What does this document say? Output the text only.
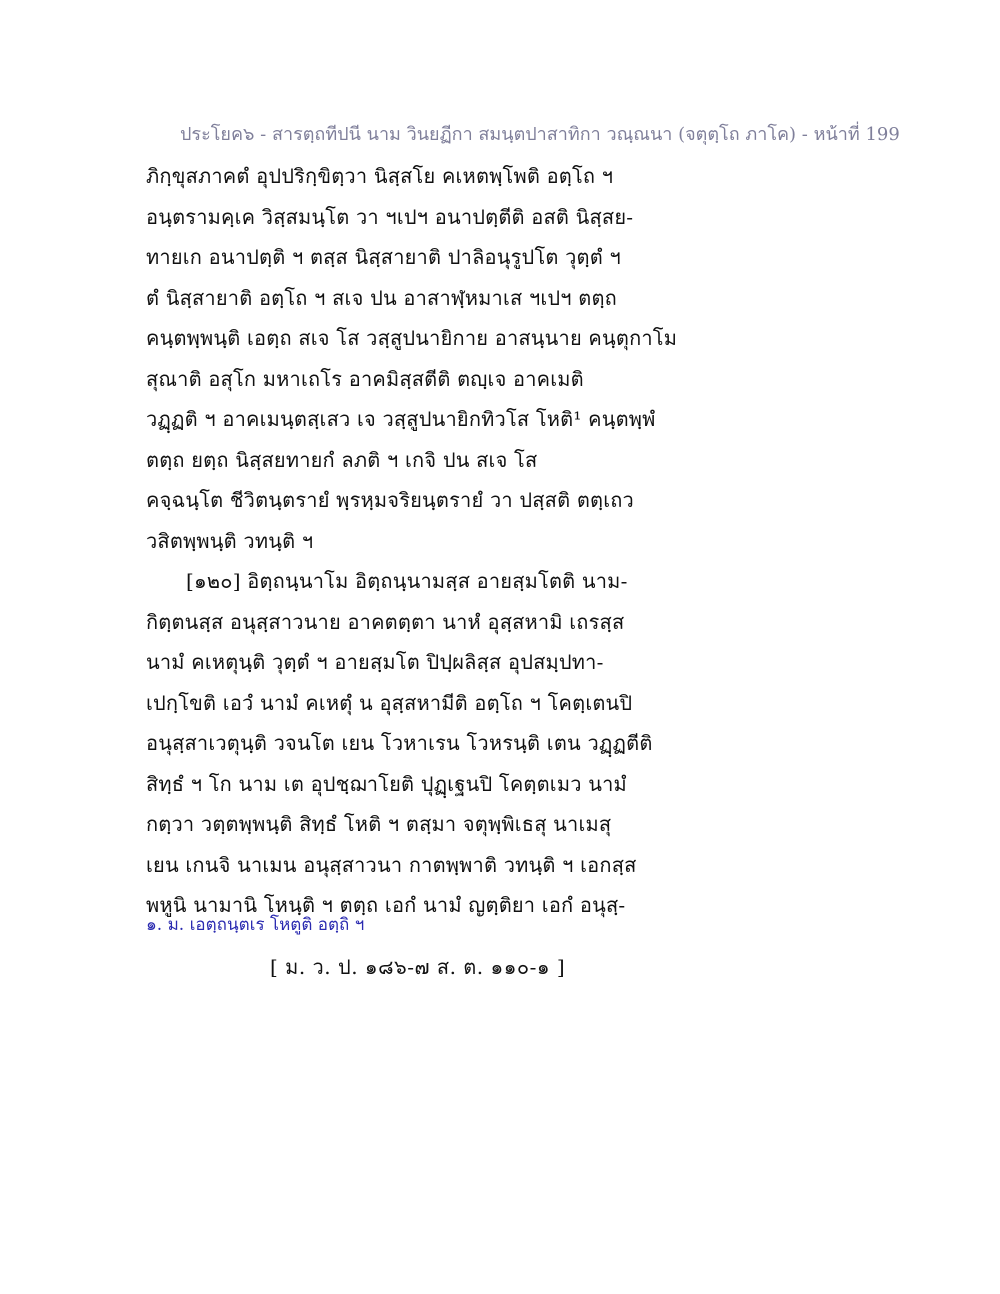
ประโยค๖ - สารตฺถทีปนี นาม วินยฏีกา สมนฺตปาสาทิกา วณฺณนา (จตุตฺโถ ภาโค) - หน้าที่ 199
ภิกฺขุสภาคตํ อุปปริกฺขิตฺวา นิสฺสโย คเหตพฺโพติ อตฺโถ ฯ
อนฺตรามคฺเค วิสฺสมนฺโต วา ฯเปฯ อนาปตฺตีติ อสติ นิสฺสย-
ทายเก อนาปตฺติ ฯ ตสฺส นิสฺสายาติ ปาลิอนุรูปโต วุตฺตํ ฯ
ตํ นิสฺสายาติ อตฺโถ ฯ สเจ ปน อาสาฬฺหมาเส ฯเปฯ ตตฺถ
คนฺตพฺพนฺติ เอตฺถ สเจ โส วสฺสูปนายิกาย อาสนฺนาย คนฺตุกาโม
สุณาติ อสุโก มหาเถโร อาคมิสฺสตีติ ตญฺเจ อาคเมติ
วฏฺฏติ ฯ อาคเมนฺตสฺเสว เจ วสฺสูปนายิกทิวโส โหติ¹ คนฺตพฺพํ
ตตฺถ ยตฺถ นิสฺสยทายกํ ลภติ ฯ เกจิ ปน สเจ โส
คจฺฉนฺโต ชีวิตนฺตรายํ พฺรหฺมจริยนฺตรายํ วา ปสฺสติ ตตฺเถว
วสิตพฺพนฺติ วทนฺติ ฯ
[๑๒๐] อิตฺถนฺนาโม อิตฺถนฺนามสฺส อายสฺมโตติ นาม-
กิตฺตนสฺส อนุสฺสาวนาย อาคตตฺตา นาหํ อุสฺสหามิ เถรสฺส
นามํ คเหตุนฺติ วุตฺตํ ฯ อายสฺมโต ปิปฺผลิสฺส อุปสมฺปทา-
เปกฺโขติ เอวํ นามํ คเหตุํ น อุสฺสหามีติ อตฺโถ ฯ โคตฺเตนปิ
อนุสฺสาเวตุนฺติ วจนโต เยน โวหาเรน โวหรนฺติ เตน วฏฺฏตีติ
สิทฺธํ ฯ โก นาม เต อุปชฺฌาโยติ ปุฏฺเฐนปิ โคตฺตเมว นามํ
กตฺวา วตฺตพฺพนฺติ สิทฺธํ โหติ ฯ ตสฺมา จตุพฺพิเธสุ นาเมสุ
เยน เกนจิ นาเมน อนุสฺสาวนา กาตพฺพาติ วทนฺติ ฯ เอกสฺส
พหูนิ นามานิ โหนฺติ ฯ ตตฺถ เอกํ นามํ ญตฺติยา เอกํ อนุสฺ-
๑. ม. เอตฺถนฺตเร โหตูติ อตฺถิ ฯ
[ ม. ว. ป. ๑๘๖-๗ ส. ต. ๑๑๐-๑ ]
